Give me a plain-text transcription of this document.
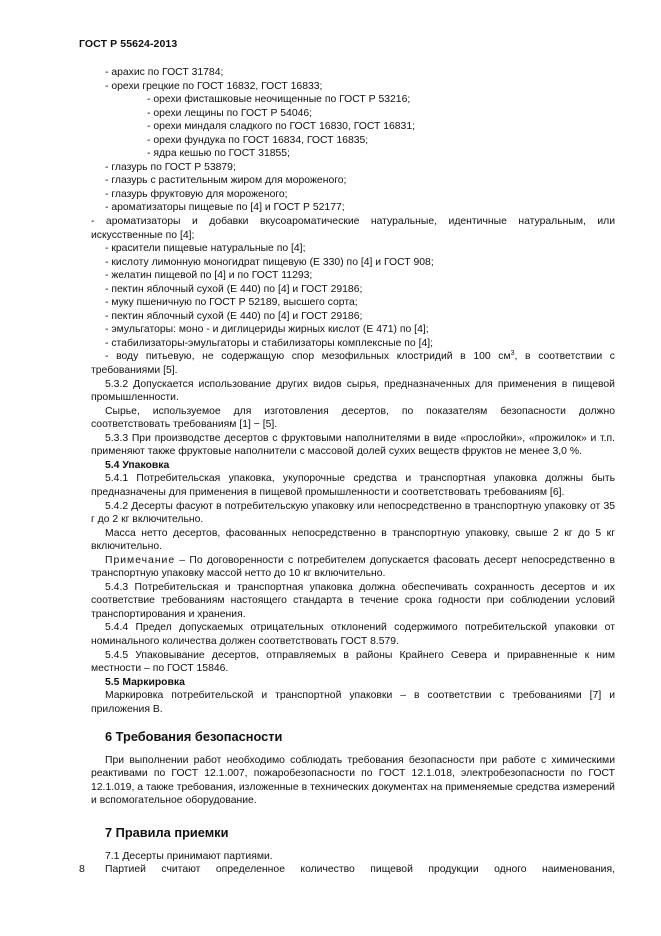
ГОСТ Р 55624-2013

- арахис по ГОСТ 31784;

- орехи грецкие по ГОСТ 16832, ГОСТ 16833;

- орехи фисташковые неочищенные по ГОСТ Р 53216;

- орехи лещины по ГОСТ Р 54046;

- орехи миндаля сладкого по ГОСТ 16830, ГОСТ 16831;

- орехи фундука по ГОСТ 16834, ГОСТ 16835;

- ядра кешью по ГОСТ 31855;

- глазурь по ГОСТ Р 53879;

- глазурь с растительным жиром для мороженого;

- глазурь фруктовую для мороженого;

- ароматизаторы пищевые по [4] и ГОСТ Р 52177;

- ароматизаторы и добавки вкусоароматические натуральные, идентичные натуральным, или искусственные по [4];

- красители пищевые натуральные по [4];

- кислоту лимонную моногидрат пищевую (Е 330) по [4] и ГОСТ 908;

- желатин пищевой по [4] и по ГОСТ 11293;

- пектин яблочный сухой (Е 440) по [4] и ГОСТ 29186;

- муку пшеничную по ГОСТ Р 52189, высшего сорта;

- пектин яблочный сухой (Е 440) по [4] и ГОСТ 29186;

- эмульгаторы: моно - и диглицериды жирных кислот (Е 471) по [4];

- стабилизаторы-эмульгаторы и стабилизаторы комплексные по [4];

- воду питьевую, не содержащую спор мезофильных клостридий в 100 $см^3$, в соответствии с требованиями [5].

5.3.2 Допускается использование других видов сырья, предназначенных для применения в пищевой промышленности.

Сырье, используемое для изготовления десертов, по показателям безопасности должно соответствовать требованиям [1] − [5].

5.3.3 При производстве десертов с фруктовыми наполнителями в виде «прослойки», «прожилок» и т.п. применяют также фруктовые наполнители с массовой долей сухих веществ фруктов не менее 3,0 %.

5.4 Упаковка

5.4.1 Потребительская упаковка, укупорочные средства и транспортная упаковка должны быть предназначены для применения в пищевой промышленности и соответствовать требованиям [6].

5.4.2 Десерты фасуют в потребительскую упаковку или непосредственно в транспортную упаковку от 35 г до 2 кг включительно.

Масса нетто десертов, фасованных непосредственно в транспортную упаковку, свыше 2 кг до 5 кг включительно.

Примечание – По договоренности с потребителем допускается фасовать десерт непосредственно в транспортную упаковку массой нетто до 10 кг включительно.

5.4.3 Потребительская и транспортная упаковка должна обеспечивать сохранность десертов и их соответствие требованиям настоящего стандарта в течение срока годности при соблюдении условий транспортирования и хранения.

5.4.4 Предел допускаемых отрицательных отклонений содержимого потребительской упаковки от номинального количества должен соответствовать ГОСТ 8.579.

5.4.5 Упаковывание десертов, отправляемых в районы Крайнего Севера и приравненные к ним местности – по ГОСТ 15846.

5.5 Маркировка

Маркировка потребительской и транспортной упаковки – в соответствии с требованиями [7] и приложения В.

6 Требования безопасности

При выполнении работ необходимо соблюдать требования безопасности при работе с химическими реактивами по ГОСТ 12.1.007, пожаробезопасности по ГОСТ 12.1.018, электробезопасности по ГОСТ 12.1.019, а также требования, изложенные в технических документах на применяемые средства измерений и вспомогательное оборудование.

7 Правила приемки

7.1 Десерты принимают партиями.

Партией считают определенное количество пищевой продукции одного наименования,

8
